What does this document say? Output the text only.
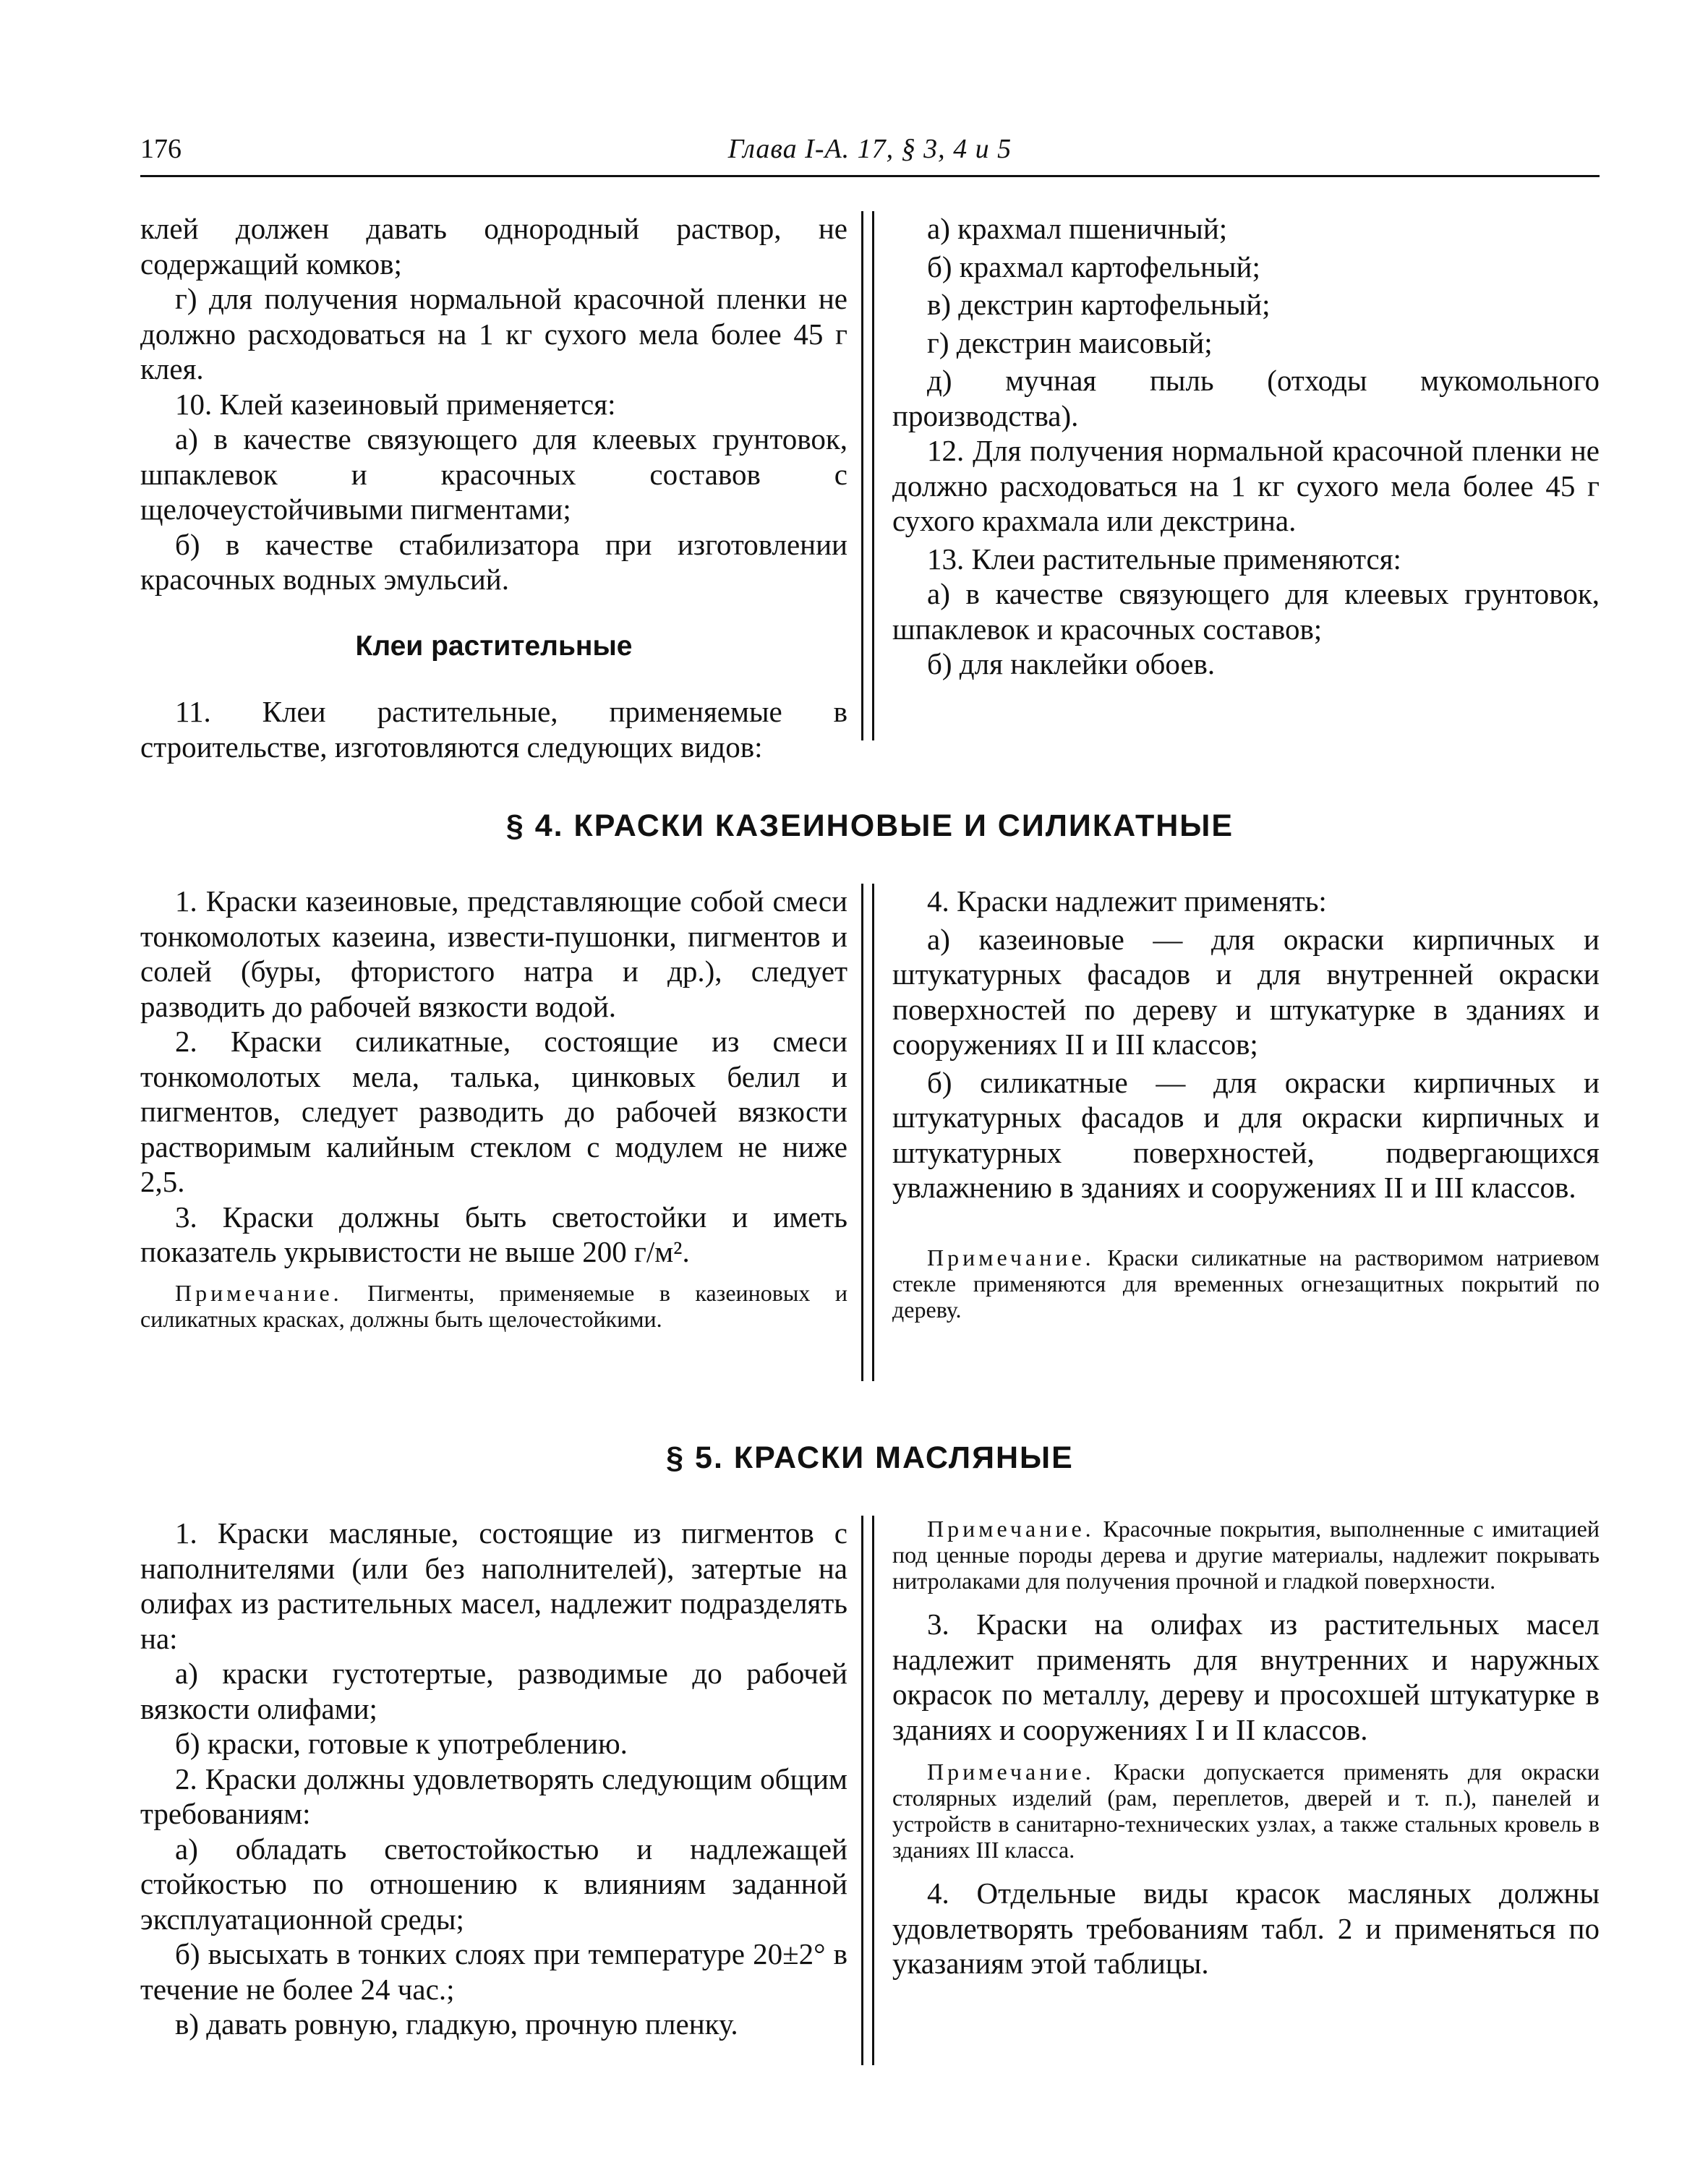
176	Глава I-А. 17, § 3, 4 и 5

клей должен давать однородный раствор, не содержащий комков;

г) для получения нормальной красочной пленки не должно расходоваться на 1 кг сухого мела более 45 г клея.

10. Клей казеиновый применяется:

а) в качестве связующего для клеевых грунтовок, шпаклевок и красочных составов с щелочеустойчивыми пигментами;

б) в качестве стабилизатора при изготовлении красочных водных эмульсий.

Клеи растительные

11. Клеи растительные, применяемые в строительстве, изготовляются следующих видов:

а) крахмал пшеничный;

б) крахмал картофельный;

в) декстрин картофельный;

г) декстрин маисовый;

д) мучная пыль (отходы мукомольного производства).

12. Для получения нормальной красочной пленки не должно расходоваться на 1 кг сухого мела более 45 г сухого крахмала или декстрина.

13. Клеи растительные применяются:

а) в качестве связующего для клеевых грунтовок, шпаклевок и красочных составов;

б) для наклейки обоев.

§ 4. КРАСКИ КАЗЕИНОВЫЕ И СИЛИКАТНЫЕ

1. Краски казеиновые, представляющие собой смеси тонкомолотых казеина, извести-пушонки, пигментов и солей (буры, фтористого натра и др.), следует разводить до рабочей вязкости водой.

2. Краски силикатные, состоящие из смеси тонкомолотых мела, талька, цинковых белил и пигментов, следует разводить до рабочей вязкости растворимым калийным стеклом с модулем не ниже 2,5.

3. Краски должны быть светостойки и иметь показатель укрывистости не выше 200 г/м².

Примечание. Пигменты, применяемые в казеиновых и силикатных красках, должны быть щелочестойкими.

4. Краски надлежит применять:

а) казеиновые — для окраски кирпичных и штукатурных фасадов и для внутренней окраски поверхностей по дереву и штукатурке в зданиях и сооружениях II и III классов;

б) силикатные — для окраски кирпичных и штукатурных фасадов и для окраски кирпичных и штукатурных поверхностей, подвергающихся увлажнению в зданиях и сооружениях II и III классов.

Примечание. Краски силикатные на растворимом натриевом стекле применяются для временных огнезащитных покрытий по дереву.
§ 5. КРАСКИ МАСЛЯНЫЕ

1. Краски масляные, состоящие из пигментов с наполнителями (или без наполнителей), затертые на олифах из растительных масел, надлежит подразделять на:

а) краски густотертые, разводимые до рабочей вязкости олифами;

б) краски, готовые к употреблению.

2. Краски должны удовлетворять следующим общим требованиям:

а) обладать светостойкостью и надлежащей стойкостью по отношению к влияниям заданной эксплуатационной среды;

б) высыхать в тонких слоях при температуре 20±2° в течение не более 24 час.;

в) давать ровную, гладкую, прочную пленку.

Примечание. Красочные покрытия, выполненные с имитацией под ценные породы дерева и другие материалы, надлежит покрывать нитролаками для получения прочной и гладкой поверхности.

3. Краски на олифах из растительных масел надлежит применять для внутренних и наружных окрасок по металлу, дереву и просохшей штукатурке в зданиях и сооружениях I и II классов.

Примечание. Краски допускается применять для окраски столярных изделий (рам, переплетов, дверей и т. п.), панелей и устройств в санитарно-технических узлах, а также стальных кровель в зданиях III класса.

4. Отдельные виды красок масляных должны удовлетворять требованиям табл. 2 и применяться по указаниям этой таблицы.
